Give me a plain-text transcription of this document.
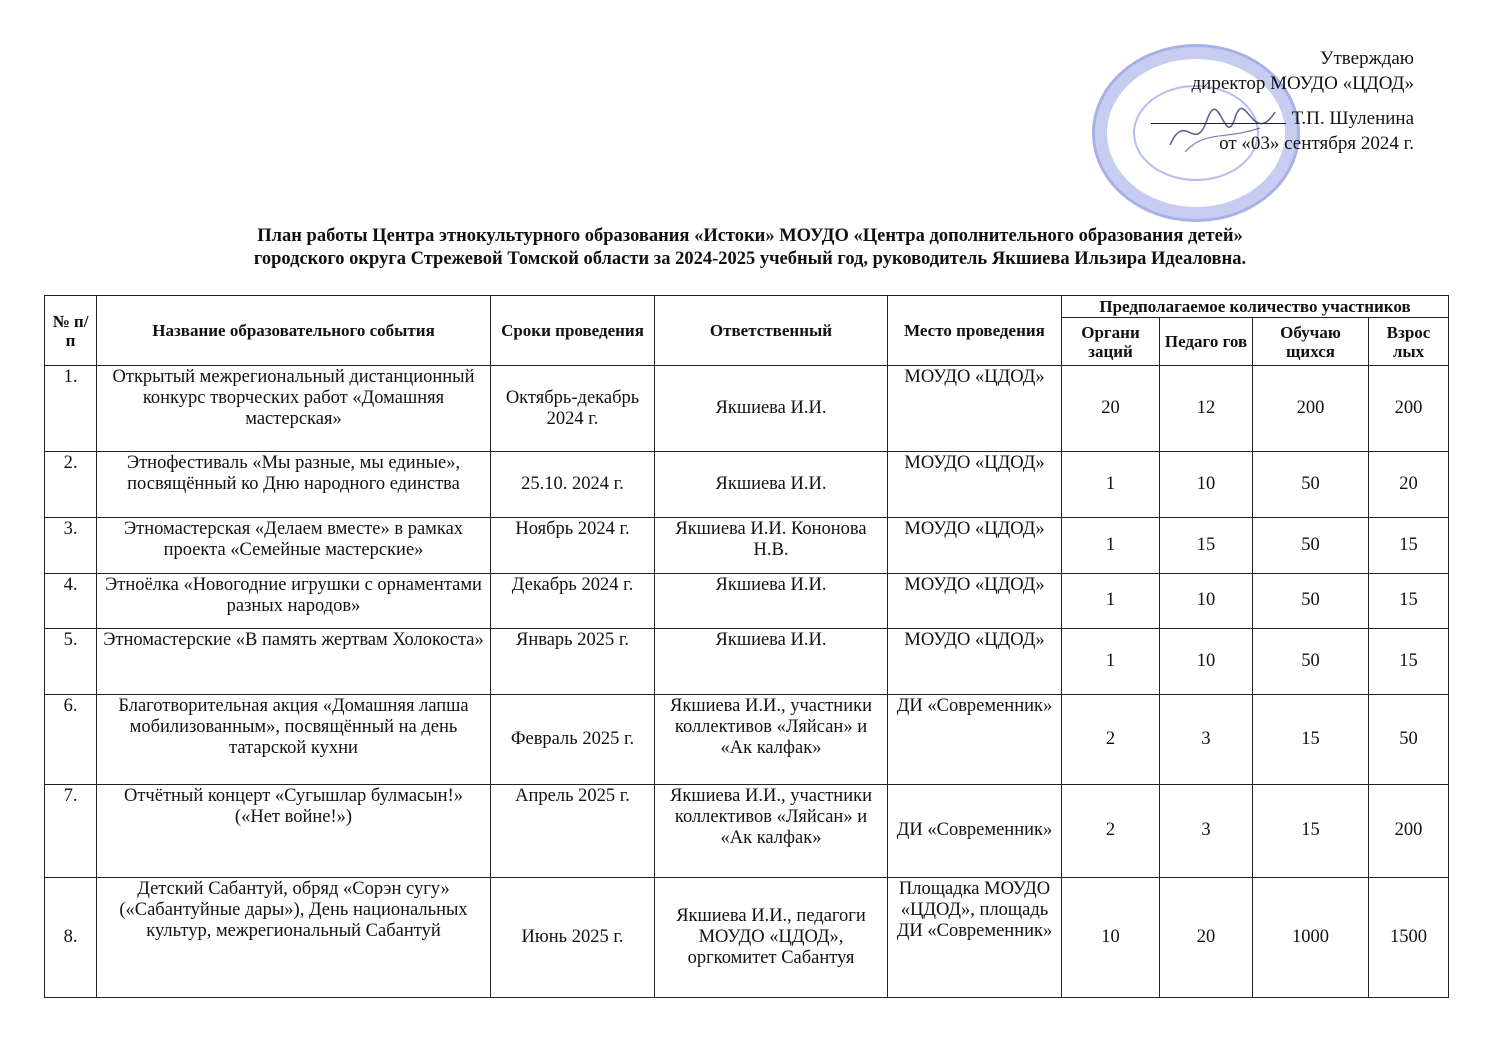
Утверждаю
директор МОУДО «ЦДОД»
Т.П. Шуленина
от «03» сентября 2024 г.
План работы Центра этнокультурного образования «Истоки» МОУДО «Центра дополнительного образования детей»
городского округа Стрежевой Томской области за 2024-2025 учебный год, руководитель Якшиева Ильзира Идеаловна.
№ п/п	Название образовательного события	Сроки проведения	Ответственный	Место проведения	Предполагаемое количество участников			
					Органи заций	Педаго гов	Обучаю щихся	Взрос лых
1.	Открытый межрегиональный дистанционный конкурс творческих работ «Домашняя мастерская»	Октябрь-декабрь 2024 г.	Якшиева И.И.	МОУДО «ЦДОД»	20	12	200	200
2.	Этнофестиваль «Мы разные, мы единые», посвящённый ко Дню народного единства	25.10. 2024 г.	Якшиева И.И.	МОУДО «ЦДОД»	1	10	50	20
3.	Этномастерская «Делаем вместе» в рамках проекта «Семейные мастерские»	Ноябрь 2024 г.	Якшиева И.И. Кононова Н.В.	МОУДО «ЦДОД»	1	15	50	15
4.	Этноёлка «Новогодние игрушки с орнаментами разных народов»	Декабрь 2024 г.	Якшиева И.И.	МОУДО «ЦДОД»	1	10	50	15
5.	Этномастерские «В память жертвам Холокоста»	Январь 2025 г.	Якшиева И.И.	МОУДО «ЦДОД»	1	10	50	15
6.	Благотворительная акция «Домашняя лапша мобилизованным», посвящённый на день татарской кухни	Февраль 2025 г.	Якшиева И.И., участники коллективов «Ляйсан» и «Ак калфак»	ДИ «Современник»	2	3	15	50
7.	Отчётный концерт «Сугышлар булмасын!» («Нет войне!»)	Апрель 2025 г.	Якшиева И.И., участники коллективов «Ляйсан» и «Ак калфак»	ДИ «Современник»	2	3	15	200
8.	Детский Сабантуй, обряд «Сорэн сугу» («Сабантуйные дары»), День национальных культур, межрегиональный Сабантуй	Июнь 2025 г.	Якшиева И.И., педагоги МОУДО «ЦДОД», оргкомитет Сабантуя	Площадка МОУДО «ЦДОД», площадь ДИ «Современник»	10	20	1000	1500
